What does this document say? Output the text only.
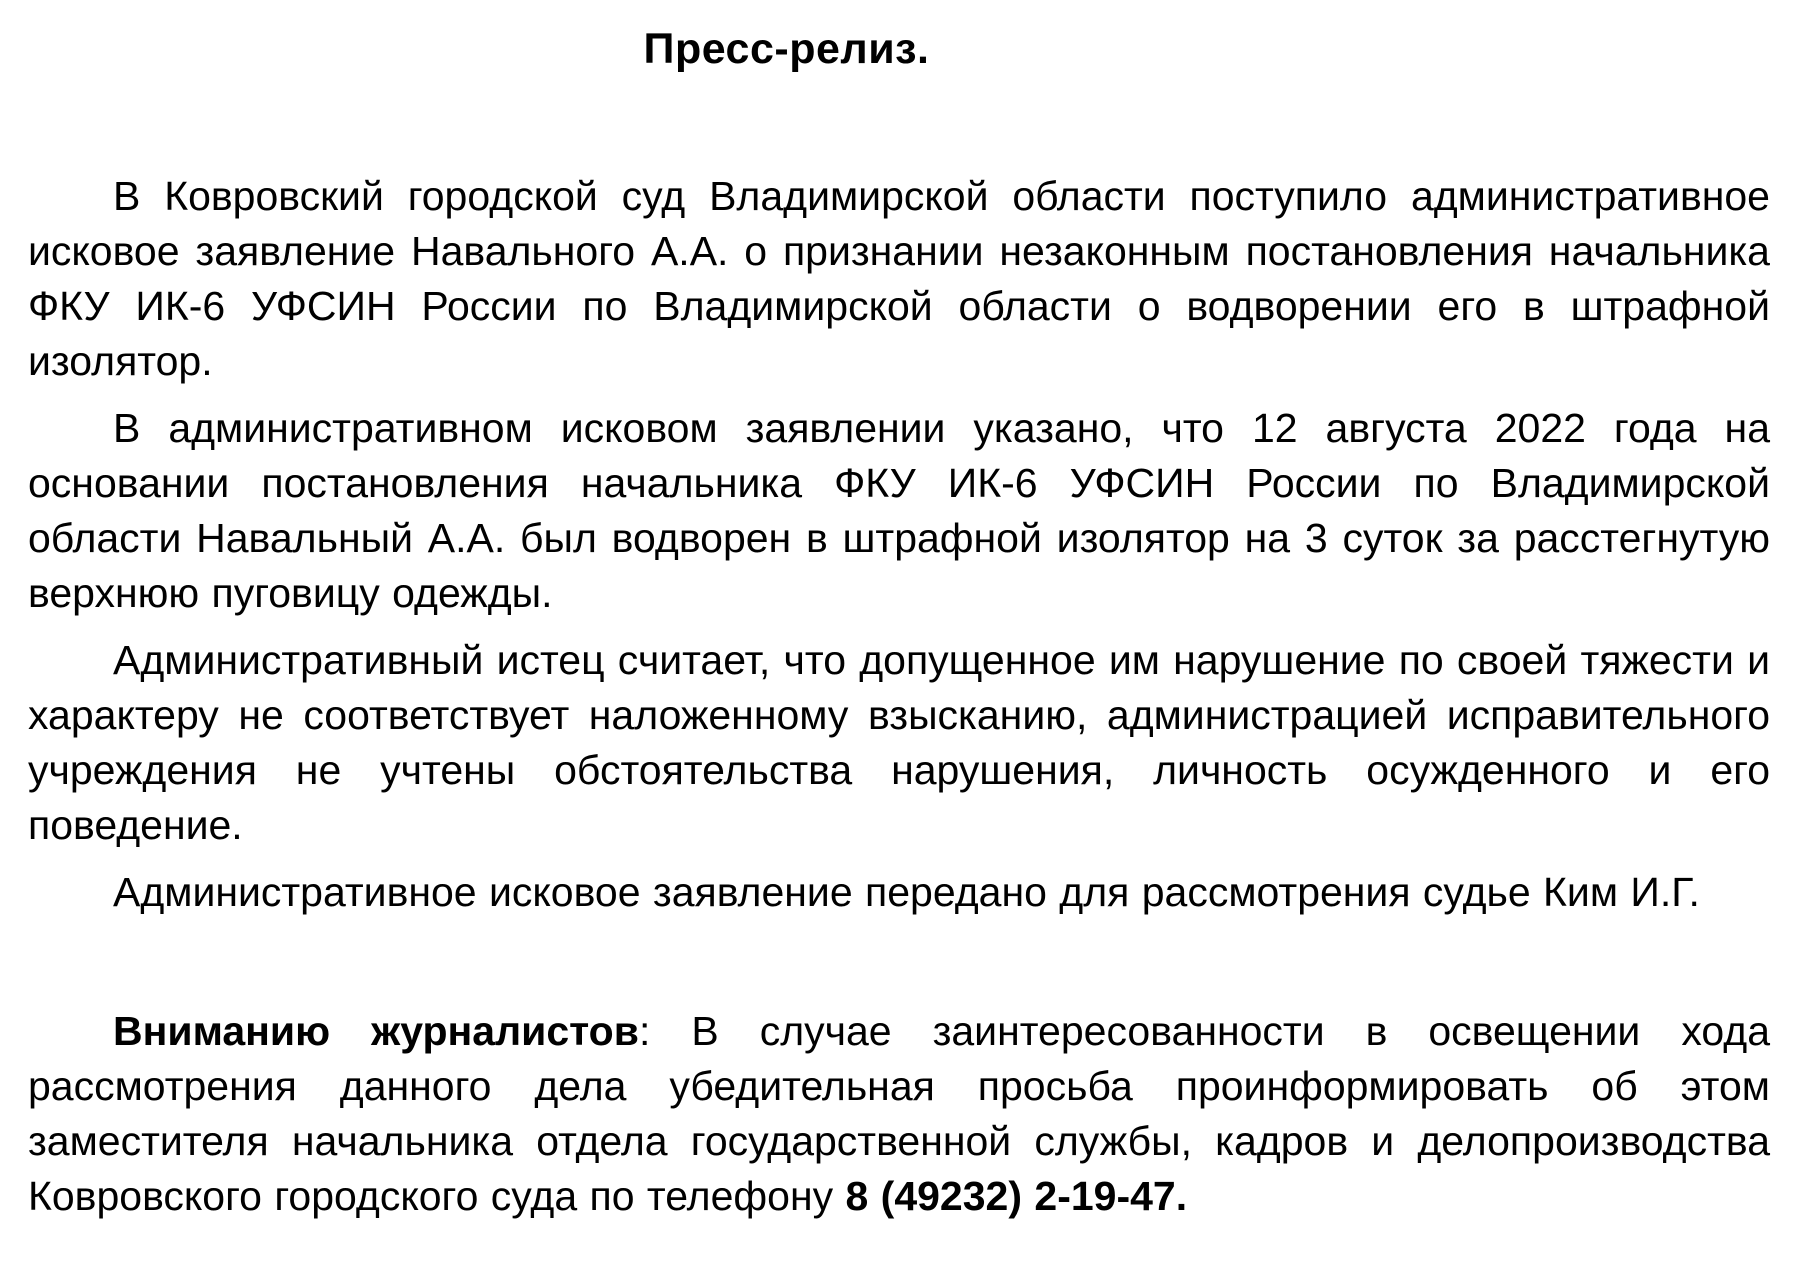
Пресс-релиз.

В Ковровский городской суд Владимирской области поступило административное исковое заявление Навального А.А. о признании незаконным постановления начальника ФКУ ИК-6 УФСИН России по Владимирской области о водворении его в штрафной изолятор.

В административном исковом заявлении указано, что 12 августа 2022 года на основании постановления начальника ФКУ ИК-6 УФСИН России по Владимирской области Навальный А.А. был водворен в штрафной изолятор на 3 суток за расстегнутую верхнюю пуговицу одежды.

Административный истец считает, что допущенное им нарушение по своей тяжести и характеру не соответствует наложенному взысканию, администрацией исправительного учреждения не учтены обстоятельства нарушения, личность осужденного и его поведение.

Административное исковое заявление передано для рассмотрения судье Ким И.Г.

Вниманию журналистов: В случае заинтересованности в освещении хода рассмотрения данного дела убедительная просьба проинформировать об этом заместителя начальника отдела государственной службы, кадров и делопроизводства Ковровского городского суда по телефону 8 (49232) 2-19-47.
